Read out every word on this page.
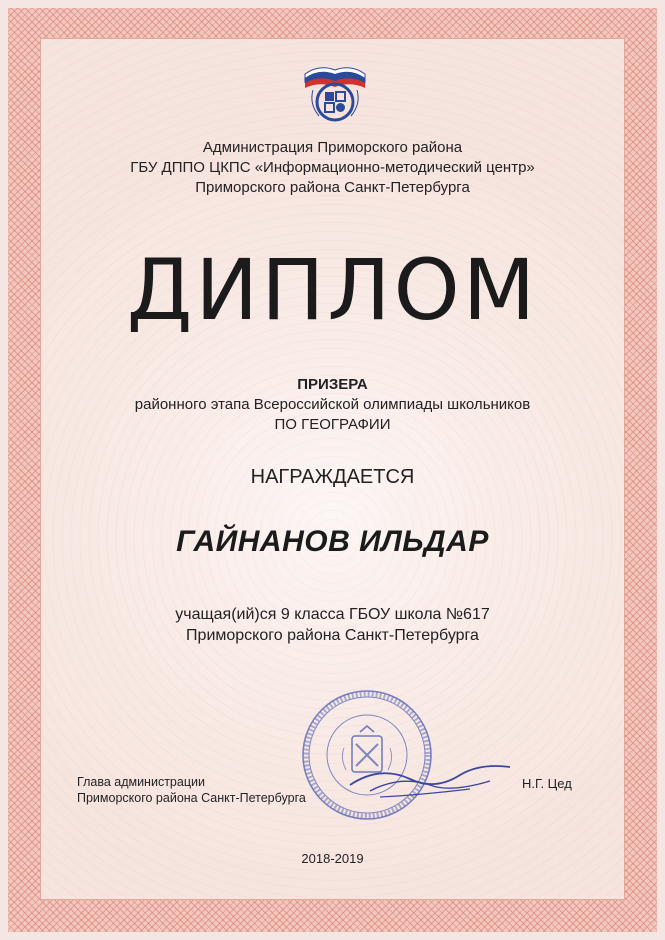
Администрация Приморского района
ГБУ ДППО ЦКПС «Информационно-методический центр»
Приморского района Санкт-Петербурга
ДИПЛОМ
ПРИЗЕРА
районного этапа Всероссийской олимпиады школьников
ПО ГЕОГРАФИИ
НАГРАЖДАЕТСЯ
ГАЙНАНОВ ИЛЬДАР
учащая(ий)ся 9 класса ГБОУ школа №617
Приморского района Санкт-Петербурга
Глава администрации
Приморского района Санкт-Петербурга
Н.Г. Цед
2018-2019
